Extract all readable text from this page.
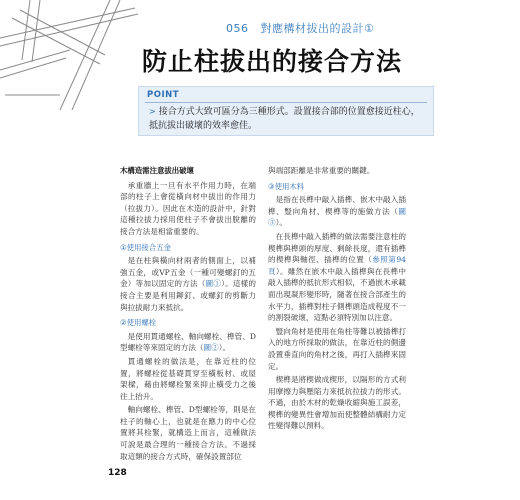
056 對應構材拔出的設計①
防止柱拔出的接合方法
POINT
> 接合方式大致可區分為三種形式。設置接合部的位置愈接近柱心，抵抗拔出破壞的效率愈佳。
木構造需注意拔出破壞

承重牆上一旦有水平作用力時，在端部的柱子上會從橫向材中拔出的作用力（拉拔力）。因此在木造的設計中，針對這種拉拔力採用使柱子不會拔出脫離的接合方法是相當重要的。

①使用接合五金

是在柱與橫向材兩者的側面上，以補強五金，或VP五金（一種可變螺釘的五金）等加以固定的方法（圖①）。這樣的接合主要是利用鉚釘、或螺釘的剪斷力與拉拔耐力來抵抗。

②使用螺栓

是使用貫通螺栓、軸向螺栓、榫管、D型螺栓等來固定的方法（圖②）。

貫通螺栓的做法是，在靠近柱的位置，將螺栓從基礎貫穿至橫板材、或屋架樑，藉由將螺栓緊來抑止橫受力之後往上抬升。

軸向螺栓、榫管、D型螺栓等，則是在柱子的軸心上，也就是在應力的中心位置將其栓緊，就構造上而言，這種做法可說是最合理的一種接合方法。不過採取這類的接合方式時，確保設置部位

與端部距離是非常重要的關鍵。

③使用木料

是指在長榫中敲入插榫、嵌木中敲入插榫、豎向角材、楔榫等的施做方法（圖③）。

在長榫中敲入插榫的做法需要注意柱的楔榫與榫頭的厚度、剩餘長度，還有插榫的楔榫與軸徑、插榫的位置（參照第94頁）。雖然在嵌木中敲入插榫與在長榫中敲入插榫的抵抗形式相似，不過嵌木承載面出現凝形變形時，隨著在接合部產生的水平力，插榫對柱子側榫頭造成程度不一的割裂破壞，這點必須特別加以注意。

豎向角材是使用在角柱等難以被插榫打入的地方所採取的做法，在靠近柱的側邊設置垂直向的角材之後，再打入插榫來固定。

楔榫是將楔做成楔形，以隔形的方式利用摩擦力與壓陷力來抵抗拉拔力的形式。不過，由於木材的乾燥收縮與施工誤差，楔榫的變異性會增加而使整體結構耐力定性變得難以預料。

128
